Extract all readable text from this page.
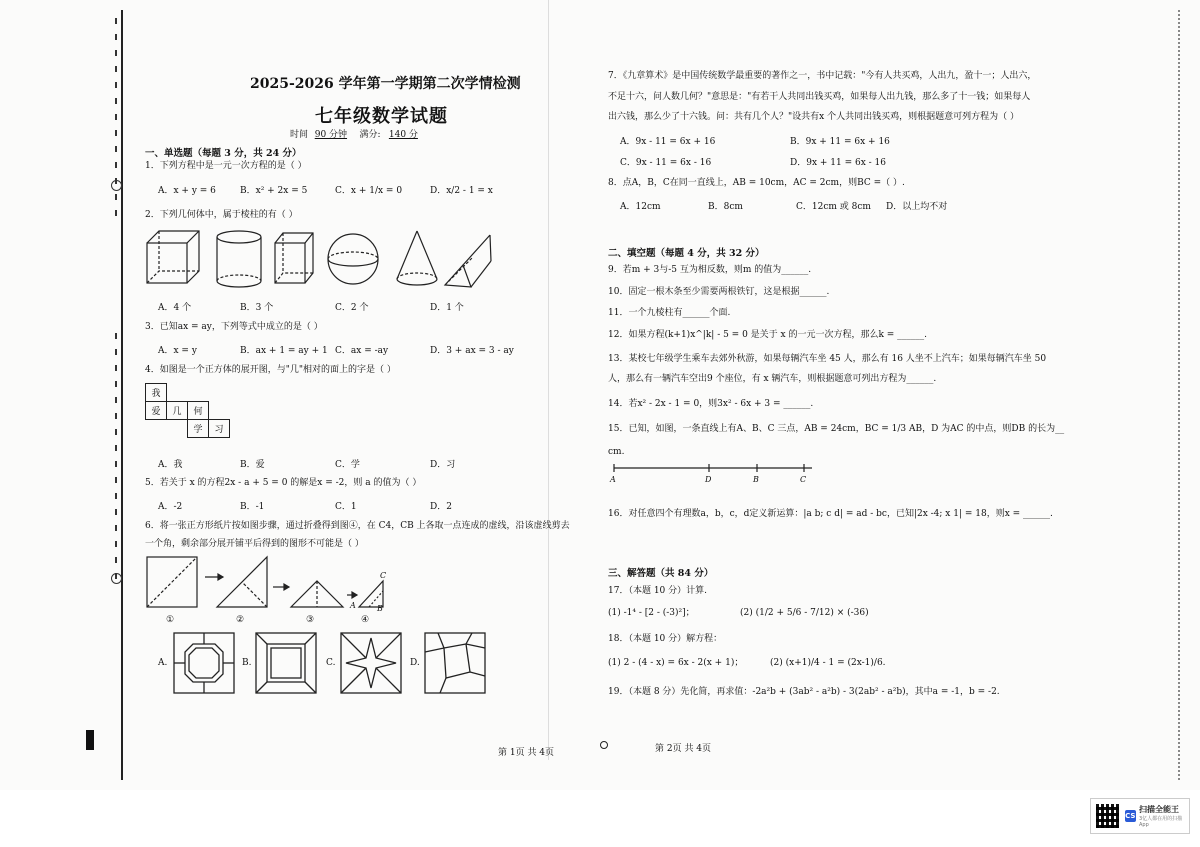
2025-2026 学年第一学期第二次学情检测
七年级数学试题
时间 90 分钟 满分: 140 分
一、单选题（每题 3 分，共 24 分）
1．下列方程中是一元一次方程的是（ ）
A．x + y = 6	B．x² + 2x = 5	C．x + 1/x = 0	D．x/2 - 1 = x
2．下列几何体中，属于棱柱的有（ ）
A．4 个	B．3 个	C．2 个	D．1 个
3．已知ax = ay，下列等式中成立的是（ ）
A．x = y	B．ax + 1 = ay + 1 C．ax = -ay	D．3 + ax = 3 - ay
4．如图是一个正方体的展开图，与"几"相对的面上的字是（ ）
我			
爱	几	何	
		学	习
A．我	B．爱	C．学	D．习
5．若关于 x 的方程2x - a + 5 = 0 的解是x = -2，则 a 的值为（ ）
A．-2	B．-1	C．1	D．2
6．将一张正方形纸片按如图步骤，通过折叠得到图④，在 C4，CB 上各取一点连成的虚线，沿该虚线剪去
一个角，剩余部分展开铺平后得到的图形不可能是（ ）
C
A	B
①	②	③	④
A.	B.	C.	D.
第 1页 共 4页
7．《九章算术》是中国传统数学最重要的著作之一，书中记载："今有人共买鸡，人出九，盈十一；人出六，
不足十六，问人数几何？"意思是："有若干人共同出钱买鸡，如果每人出九钱，那么多了十一钱；如果每人
出六钱，那么少了十六钱。问：共有几个人？"设共有x 个人共同出钱买鸡，则根据题意可列方程为（ ）
A．9x - 11 = 6x + 16	B．9x + 11 = 6x + 16
C．9x - 11 = 6x - 16	D．9x + 11 = 6x - 16
8．点A，B，C在同一直线上，AB = 10cm，AC = 2cm，则BC =（ ）.
A．12cm	B．8cm	C．12cm 或 8cm	D．以上均不对
二、填空题（每题 4 分，共 32 分）
9．若m + 3与-5 互为相反数，则m 的值为______.
10．固定一根木条至少需要两根铁钉，这是根据______.
11．一个九棱柱有______个面.
12．如果方程(k+1)x^|k| - 5 = 0 是关于 x 的一元一次方程，那么k = ______.
13．某校七年级学生乘车去郊外秋游，如果每辆汽车坐 45 人，那么有 16 人坐不上汽车；如果每辆汽车坐 50
人，那么有一辆汽车空出9 个座位，有 x 辆汽车，则根据题意可列出方程为______.
14．若x² - 2x - 1 = 0，则3x² - 6x + 3 = ______.
15．已知，如图，一条直线上有A、B、C 三点，AB = 24cm，BC = 1/3 AB，D 为AC 的中点，则DB 的长为__
cm.
A	D	B	C
16．对任意四个有理数a，b，c，d定义新运算：|a b; c d| = ad - bc，已知|2x -4; x 1| = 18，则x = ______.
三、解答题（共 84 分）
17．（本题 10 分）计算.
(1) -1⁴ - [2 - (-3)²]；	(2) (1/2 + 5/6 - 7/12) × (-36)
18．（本题 10 分）解方程：
(1) 2 - (4 - x) = 6x - 2(x + 1)；	(2) (x+1)/4 - 1 = (2x-1)/6.
19．（本题 8 分）先化简，再求值：-2a²b + (3ab² - a²b) - 3(2ab² - a²b)，其中a = -1，b = -2.
第 2页 共 4页
CS
扫描全能王
3亿人都在用的扫描App
